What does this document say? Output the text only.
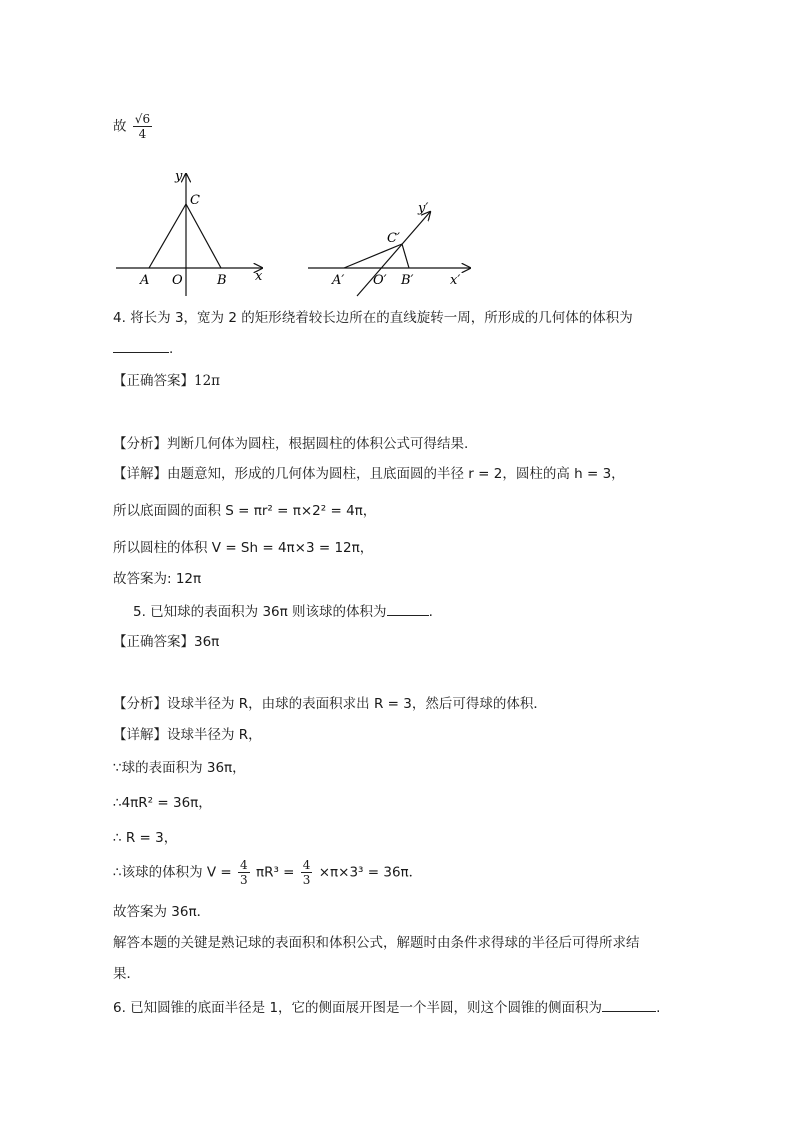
故 $\frac{√6}{4}$
y
C
A O	B x
y′
C′
A′ O′ B′	x′
4. 将长为 3，宽为 2 的矩形绕着较长边所在的直线旋转一周，所形成的几何体的体积为
.
【正确答案】12π
【分析】判断几何体为圆柱，根据圆柱的体积公式可得结果.
【详解】由题意知，形成的几何体为圆柱，且底面圆的半径 r = 2，圆柱的高 h = 3，
所以底面圆的面积 S = πr² = π×2² = 4π，
所以圆柱的体积 V = Sh = 4π×3 = 12π，
故答案为: 12π
5. 已知球的表面积为 36π 则该球的体积为	.
【正确答案】36π
【分析】设球半径为 R，由球的表面积求出 R = 3，然后可得球的体积．
【详解】设球半径为 R，
∵球的表面积为 36π，
∴4πR² = 36π，
∴ R = 3，
∴该球的体积为 $V = \frac{4}{3} \pi R^3 = \frac{4}{3} \times\pi\times 3^3 = 36\pi$．
故答案为 36π．
解答本题的关键是熟记球的表面积和体积公式，解题时由条件求得球的半径后可得所求结
果．
6. 已知圆锥的底面半径是 1，它的侧面展开图是一个半圆，则这个圆锥的侧面积为	.
